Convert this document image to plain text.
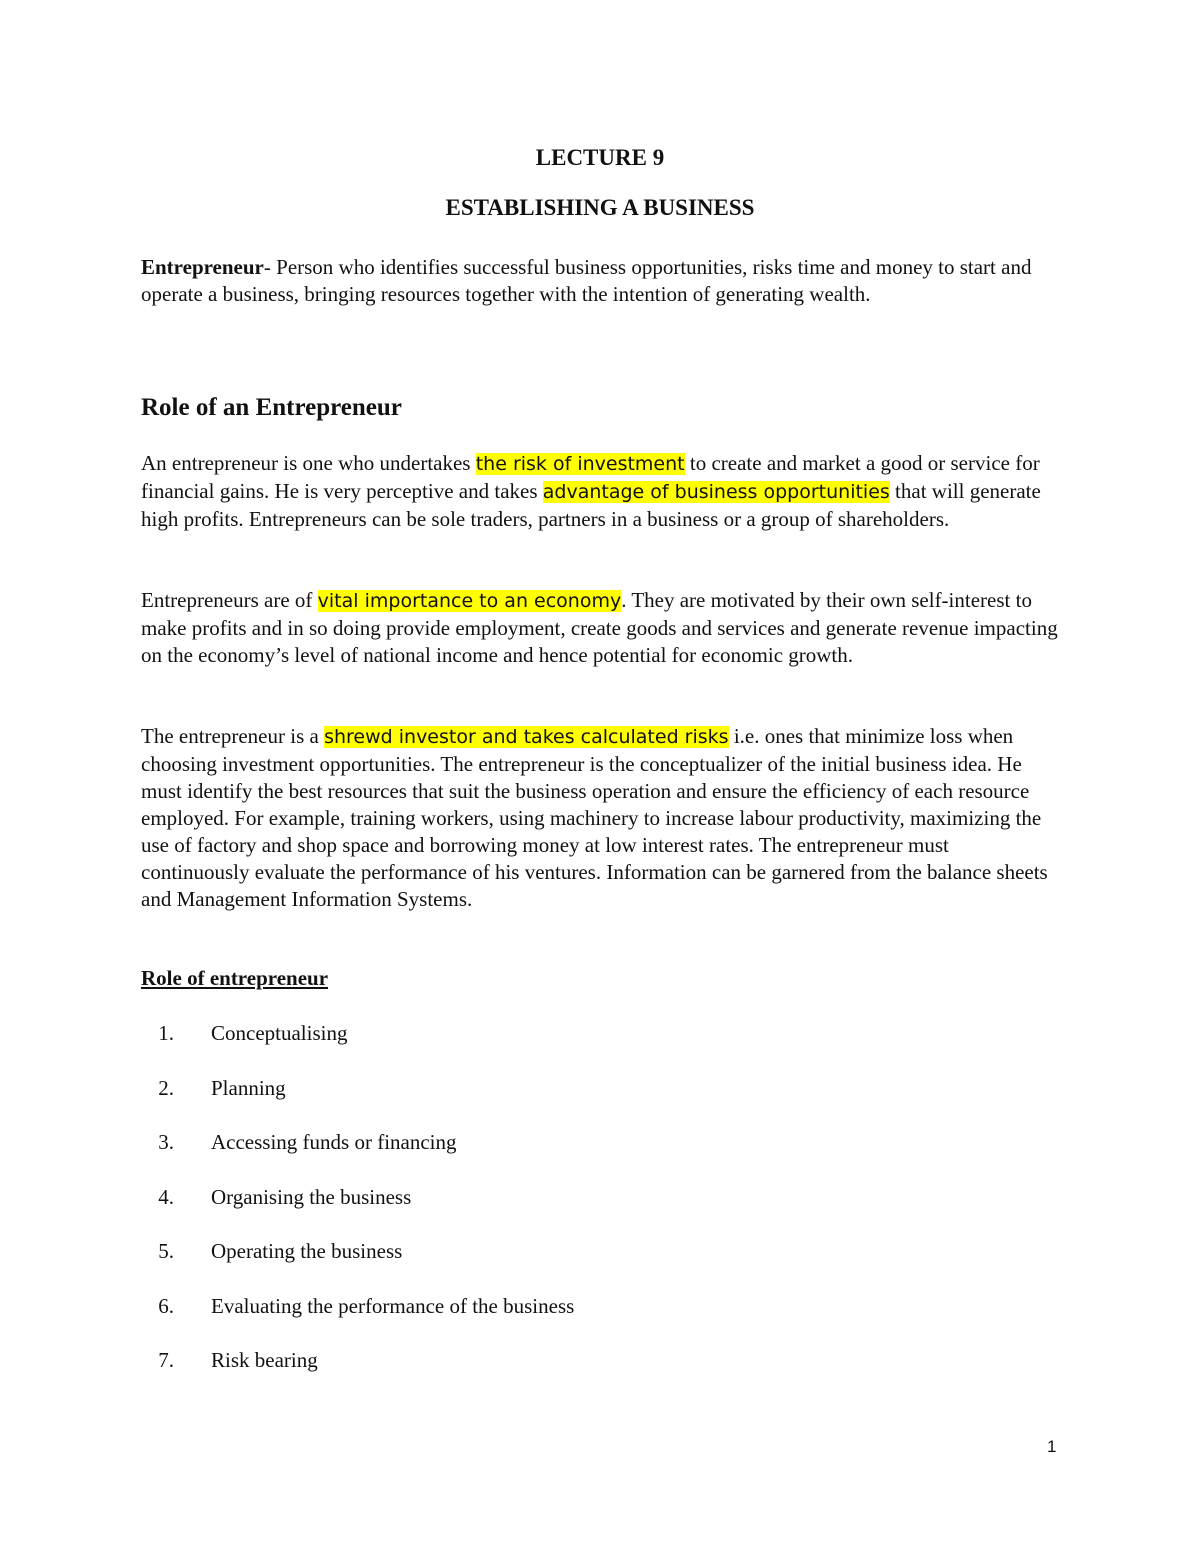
LECTURE 9
ESTABLISHING A BUSINESS

Entrepreneur- Person who identifies successful business opportunities, risks time and money to start and operate a business, bringing resources together with the intention of generating wealth.

Role of an Entrepreneur

An entrepreneur is one who undertakes the risk of investment to create and market a good or service for financial gains. He is very perceptive and takes advantage of business opportunities that will generate high profits. Entrepreneurs can be sole traders, partners in a business or a group of shareholders.

Entrepreneurs are of vital importance to an economy. They are motivated by their own self-interest to make profits and in so doing provide employment, create goods and services and generate revenue impacting on the economy’s level of national income and hence potential for economic growth.

The entrepreneur is a shrewd investor and takes calculated risks i.e. ones that minimize loss when choosing investment opportunities. The entrepreneur is the conceptualizer of the initial business idea. He must identify the best resources that suit the business operation and ensure the efficiency of each resource employed. For example, training workers, using machinery to increase labour productivity, maximizing the use of factory and shop space and borrowing money at low interest rates. The entrepreneur must continuously evaluate the performance of his ventures. Information can be garnered from the balance sheets and Management Information Systems.

Role of entrepreneur
1. Conceptualising
2. Planning
3. Accessing funds or financing
4. Organising the business
5. Operating the business
6. Evaluating the performance of the business
7. Risk bearing
1
